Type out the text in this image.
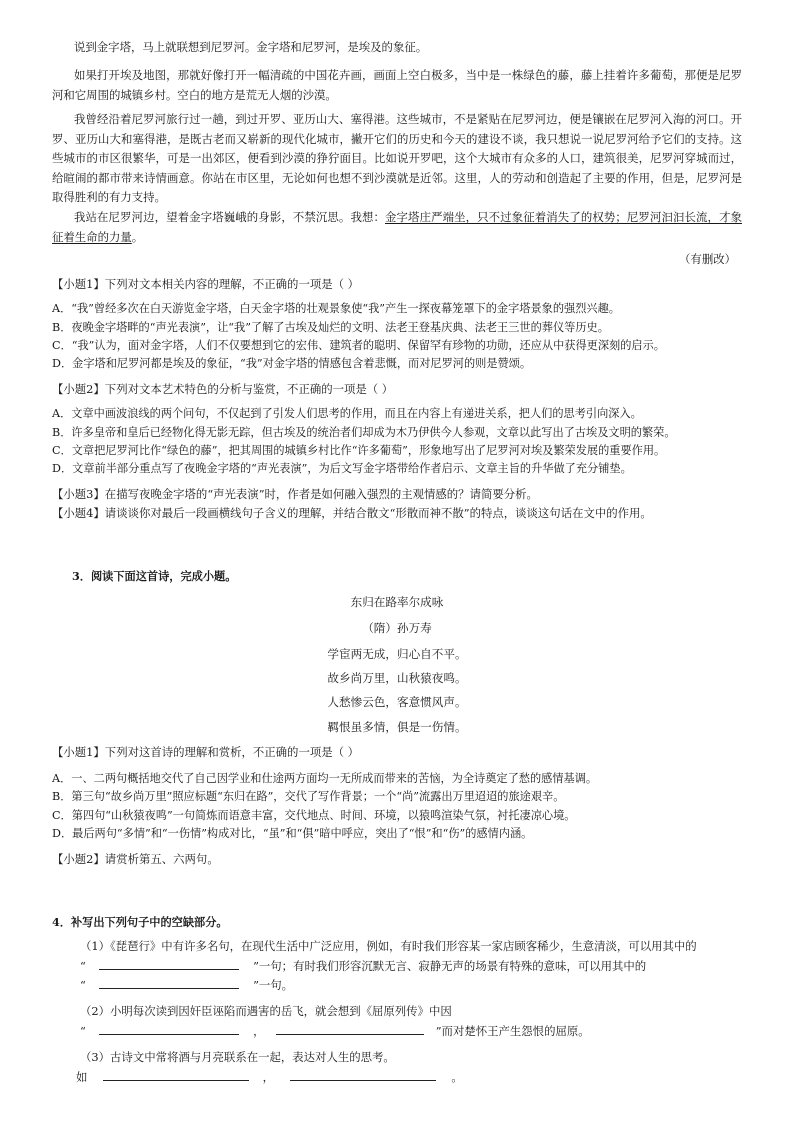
说到金字塔，马上就联想到尼罗河。金字塔和尼罗河，是埃及的象征。

如果打开埃及地图，那就好像打开一幅清疏的中国花卉画，画面上空白极多，当中是一株绿色的藤，藤上挂着许多葡萄，那便是尼罗河和它周围的城镇乡村。空白的地方是荒无人烟的沙漠。

我曾经沿着尼罗河旅行过一趟，到过开罗、亚历山大、塞得港。这些城市，不是紧贴在尼罗河边，便是镶嵌在尼罗河入海的河口。开罗、亚历山大和塞得港，是既古老而又崭新的现代化城市，撇开它们的历史和今天的建设不谈，我只想说一说尼罗河给予它们的支持。这些城市的市区很繁华，可是一出郊区，便看到沙漠的狰狞面目。比如说开罗吧，这个大城市有众多的人口，建筑很美，尼罗河穿城而过，给暄闹的都市带来诗情画意。你站在市区里，无论如何也想不到沙漠就是近邻。这里，人的劳动和创造起了主要的作用，但是，尼罗河是取得胜利的有力支持。

我站在尼罗河边，望着金字塔巍峨的身影，不禁沉思。我想：金字塔庄严端坐，只不过象征着消失了的权势；尼罗河汩汩长流，才象征着生命的力量。

（有删改）
【小题1】下列对文本相关内容的理解，不正确的一项是（ ）
A．“我”曾经多次在白天游览金字塔，白天金字塔的壮观景象使“我”产生一探夜幕笼罩下的金字塔景象的强烈兴趣。
B．夜晚金字塔畔的“声光表演”，让“我”了解了古埃及灿烂的文明、法老王登基庆典、法老王三世的葬仪等历史。
C．“我”认为，面对金字塔，人们不仅要想到它的宏伟、建筑者的聪明、保留罕有珍物的功勋，还应从中获得更深刻的启示。
D．金字塔和尼罗河都是埃及的象征，“我”对金字塔的情感包含着悲慨，而对尼罗河的则是赞颂。
【小题2】下列对文本艺术特色的分析与鉴赏，不正确的一项是（ ）
A．文章中画波浪线的两个问句，不仅起到了引发人们思考的作用，而且在内容上有递进关系，把人们的思考引向深入。
B．许多皇帝和皇后已经物化得无影无踪，但古埃及的统治者们却成为木乃伊供今人参观，文章以此写出了古埃及文明的繁荣。
C．文章把尼罗河比作“绿色的藤”，把其周围的城镇乡村比作“许多葡萄”，形象地写出了尼罗河对埃及繁荣发展的重要作用。
D．文章前半部分重点写了夜晚金字塔的“声光表演”，为后文写金字塔带给作者启示、文章主旨的升华做了充分铺垫。
【小题3】在描写夜晚金字塔的“声光表演”时，作者是如何融入强烈的主观情感的？请简要分析。
【小题4】请谈谈你对最后一段画横线句子含义的理解，并结合散文“形散而神不散”的特点，谈谈这句话在文中的作用。
3．阅读下面这首诗，完成小题。
东归在路率尔成咏
（隋）孙万寿
学宦两无成，归心自不平。
故乡尚万里，山秋猿夜鸣。
人愁惨云色，客意惯风声。
羁恨虽多情，俱是一伤情。
【小题1】下列对这首诗的理解和赏析，不正确的一项是（ ）
A．一、二两句概括地交代了自己因学业和仕途两方面均一无所成而带来的苦恼，为全诗奠定了愁的感情基调。
B．第三句“故乡尚万里”照应标题“东归在路”，交代了写作背景；一个“尚”流露出万里迢迢的旅途艰辛。
C．第四句“山秋猿夜鸣”一句简炼而语意丰富，交代地点、时间、环境，以猿鸣渲染气氛，衬托凄凉心境。
D．最后两句“多情”和“一伤情”构成对比，“虽”和“俱”暗中呼应，突出了“恨”和“伤”的感情内涵。
【小题2】请赏析第五、六两句。
4．补写出下列句子中的空缺部分。
（1）《琵琶行》中有许多名句，在现代生活中广泛应用，例如，有时我们形容某一家店顾客稀少，生意清淡，可以用其中的
“	”一句；有时我们形容沉默无言、寂静无声的场景有特殊的意味，可以用其中的
“	”一句。
（2）小明每次读到因奸臣诬陷而遇害的岳飞，就会想到《屈原列传》中因
“	，	”而对楚怀王产生怨恨的屈原。
（3）古诗文中常将酒与月亮联系在一起，表达对人生的思考。
如	，	。
